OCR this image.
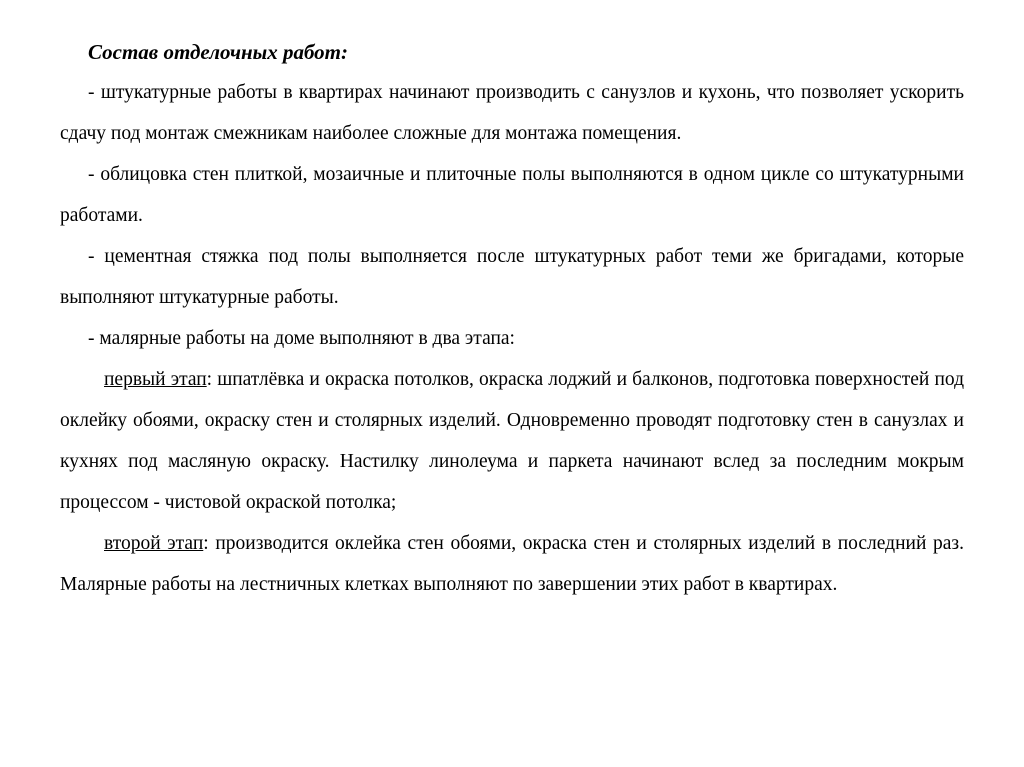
Состав отделочных работ:

- штукатурные работы в квартирах начинают производить с санузлов и кухонь, что позволяет ускорить сдачу под монтаж смежникам наиболее сложные для монтажа помещения.

- облицовка стен плиткой, мозаичные и плиточные полы выполняются в одном цикле со штукатурными работами.

- цементная стяжка под полы выполняется после штукатурных работ теми же бригадами, которые выполняют штукатурные работы.

- малярные работы на доме выполняют в два этапа:

первый этап: шпатлёвка и окраска потолков, окраска лоджий и балконов, подготовка поверхностей под оклейку обоями, окраску стен и столярных изделий. Одновременно проводят подготовку стен в санузлах и кухнях под масляную окраску. Настилку линолеума и паркета начинают вслед за последним мокрым процессом - чистовой окраской потолка;

второй этап: производится оклейка стен обоями, окраска стен и столярных изделий в последний раз. Малярные работы на лестничных клетках выполняют по завершении этих работ в квартирах.
